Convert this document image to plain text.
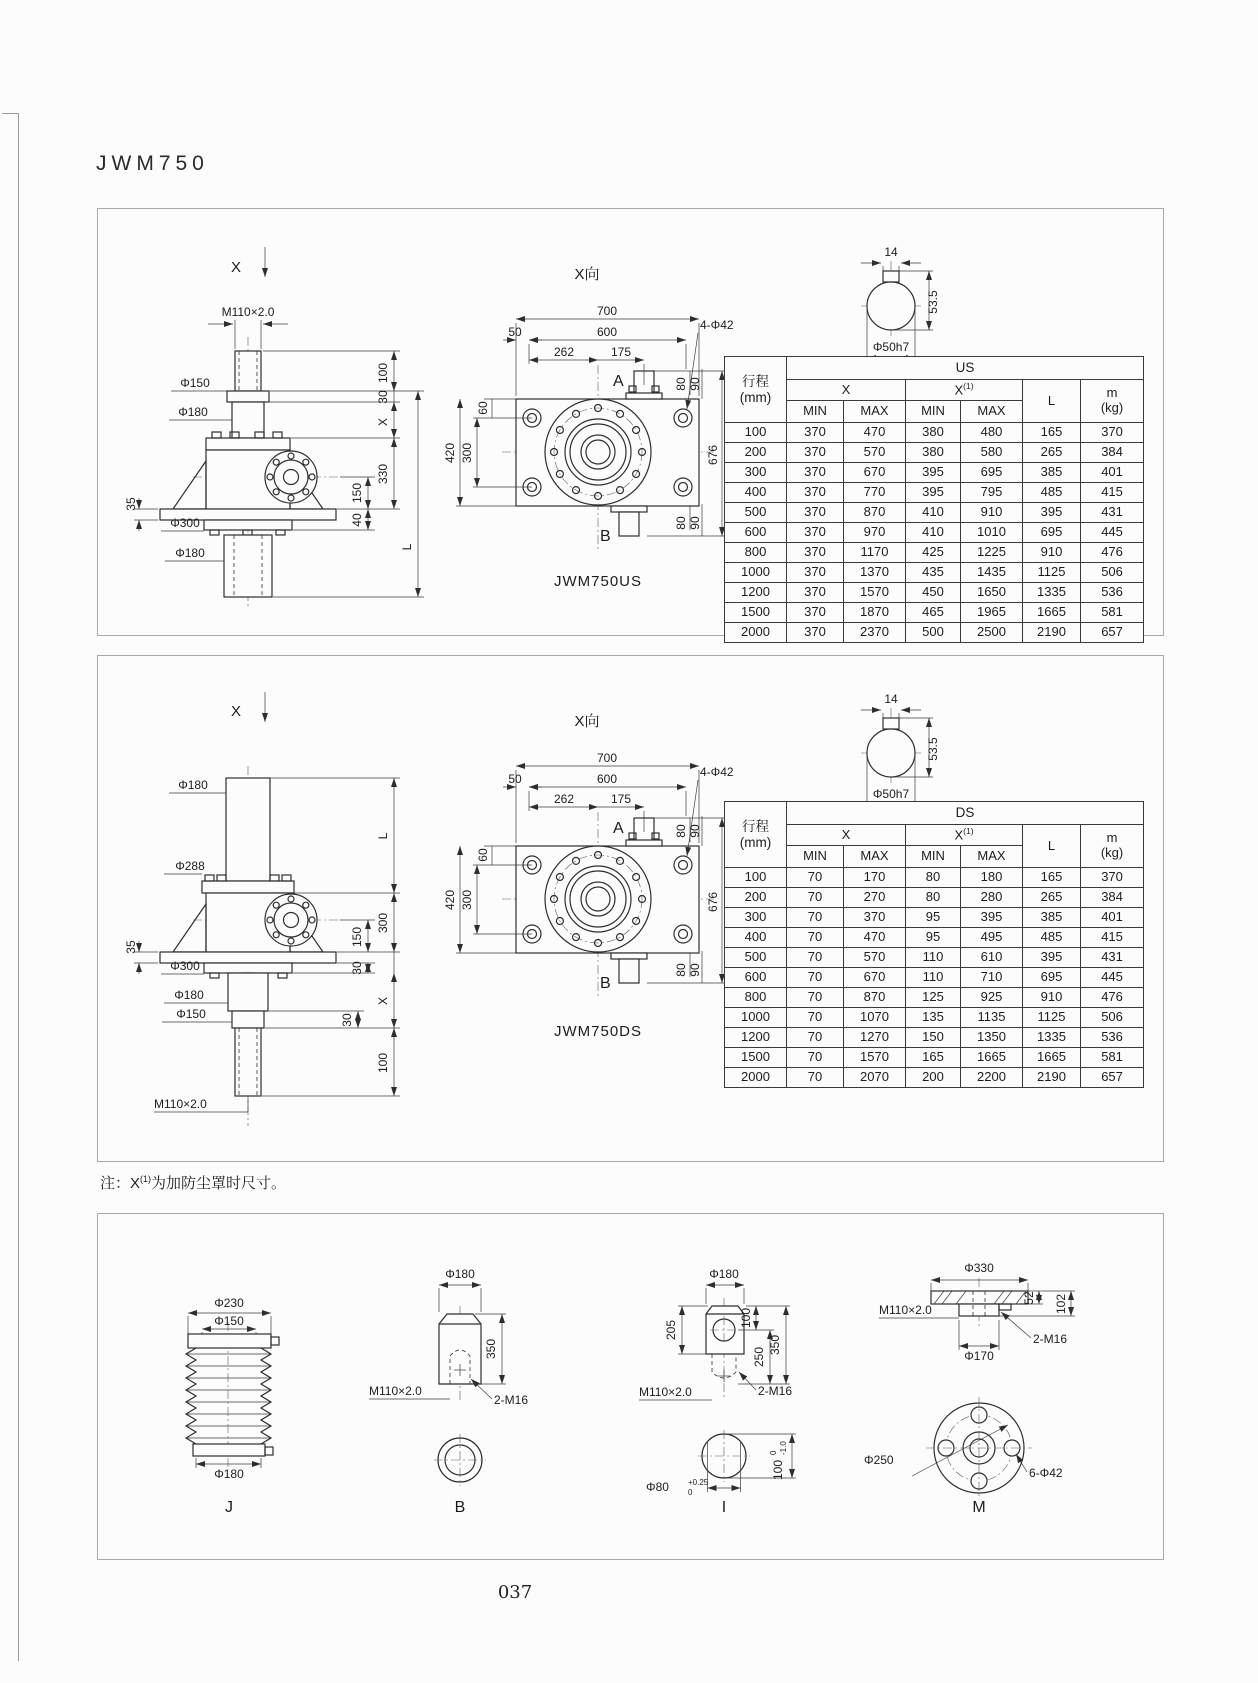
JWM750
X
M110×2.0
Φ150
Φ180
Φ300
Φ180
35
100
30
X
330
150
40
L
X向
A
B
700
600
50
262	175
4-Φ42
80 90
80 90
60
300
420	676
JWM750US
14
53.5
Φ50h7
行程
(mm)	US					
	X		$X^{(1)}$		L	m
(kg)
	MIN	MAX	MIN	MAX		
100	370	470	380	480	165	370
200	370	570	380	580	265	384
300	370	670	395	695	385	401
400	370	770	395	795	485	415
500	370	870	410	910	395	431
600	370	970	410	1010	695	445
800	370	1170	425	1225	910	476
1000	370	1370	435	1435	1125	506
1200	370	1570	450	1650	1335	536
1500	370	1870	465	1965	1665	581
2000	370	2370	500	2500	2190	657
X
Φ180
Φ288
Φ300
Φ180
Φ150
M110×2.0
35
L
300
150
30
X
30
100
X向
A
B
700
600
50
262	175
4-Φ42
80 90
80 90
60
300
420	676
JWM750DS
14
53.5
Φ50h7
行程
(mm)	DS					
	X		$X^{(1)}$		L	m
(kg)
	MIN	MAX	MIN	MAX		
100	70	170	80	180	165	370
200	70	270	80	280	265	384
300	70	370	95	395	385	401
400	70	470	95	495	485	415
500	70	570	110	610	395	431
600	70	670	110	710	695	445
800	70	870	125	925	910	476
1000	70	1070	135	1135	1125	506
1200	70	1270	150	1350	1335	536
1500	70	1570	165	1665	1665	581
2000	70	2070	200	2200	2190	657
注：$X^{(1)}$为加防尘罩时尺寸。
Φ230
Φ150
Φ180
J
Φ180
350
M110×2.0
2-M16
B
Φ180
205
100
250
350
M110×2.0	2-M16
Φ80 +0.25
0
100
0 -1.0
I
Φ330
52 102
M110×2.0
Φ170
2-M16
Φ250
6-Φ42
M
037
